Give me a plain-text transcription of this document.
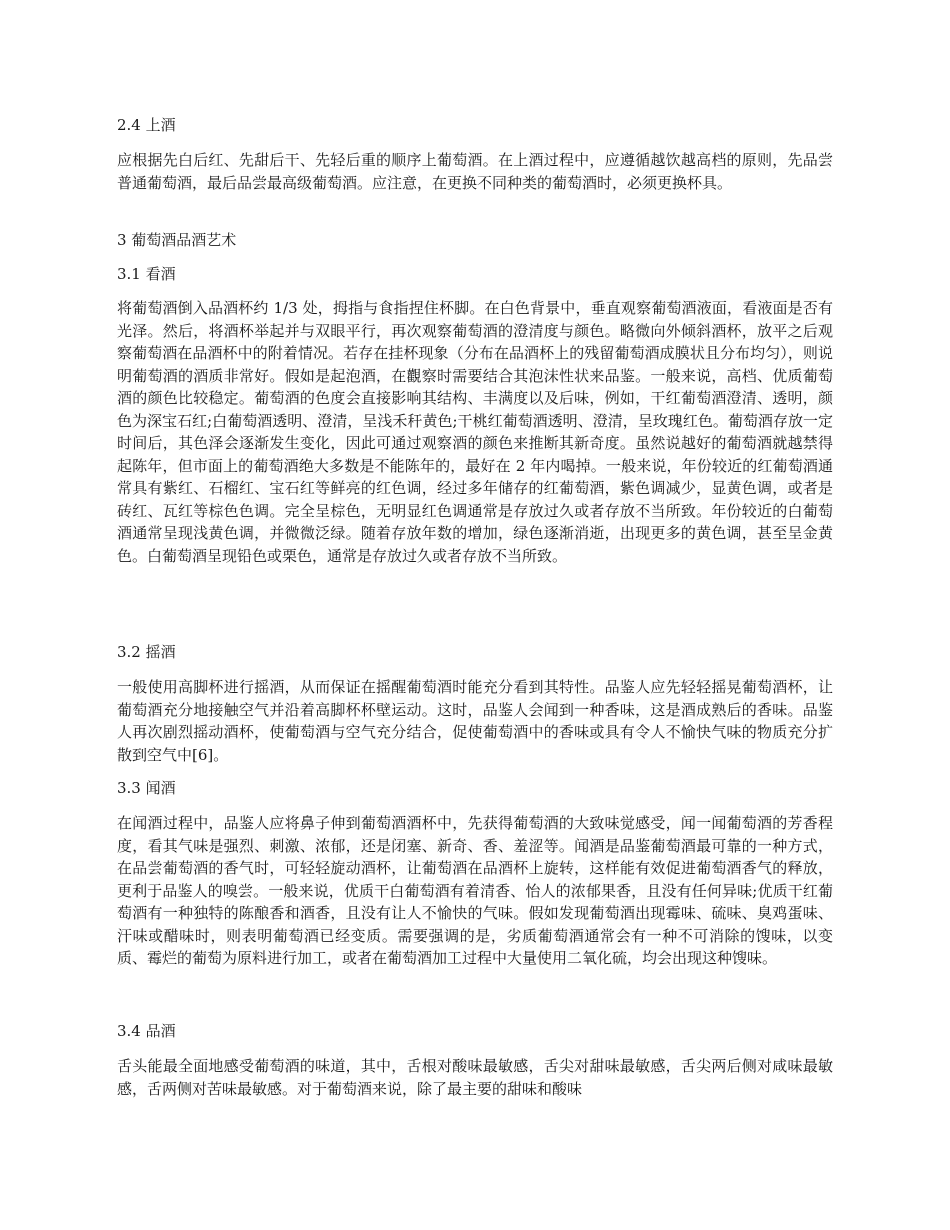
2.4 上酒
应根据先白后红、先甜后干、先轻后重的顺序上葡萄酒。在上酒过程中，应遵循越饮越高档的原则，先品尝普通葡萄酒，最后品尝最高级葡萄酒。应注意，在更换不同种类的葡萄酒时，必须更换杯具。
3 葡萄酒品酒艺术
3.1 看酒
将葡萄酒倒入品酒杯约 1/3 处，拇指与食指捏住杯脚。在白色背景中，垂直观察葡萄酒液面，看液面是否有光泽。然后，将酒杯举起并与双眼平行，再次观察葡萄酒的澄清度与颜色。略微向外倾斜酒杯，放平之后观察葡萄酒在品酒杯中的附着情况。若存在挂杯现象（分布在品酒杯上的残留葡萄酒成膜状且分布均匀），则说明葡萄酒的酒质非常好。假如是起泡酒，在觀察时需要结合其泡沫性状来品鉴。一般来说，高档、优质葡萄酒的颜色比较稳定。葡萄酒的色度会直接影响其结构、丰满度以及后味，例如，干红葡萄酒澄清、透明，颜色为深宝石红;白葡萄酒透明、澄清，呈浅禾秆黄色;干桃红葡萄酒透明、澄清，呈玫瑰红色。葡萄酒存放一定时间后，其色泽会逐渐发生变化，因此可通过观察酒的颜色来推断其新奇度。虽然说越好的葡萄酒就越禁得起陈年，但市面上的葡萄酒绝大多数是不能陈年的，最好在 2 年内喝掉。一般来说，年份较近的红葡萄酒通常具有紫红、石榴红、宝石红等鲜亮的红色调，经过多年储存的红葡萄酒，紫色调减少，显黄色调，或者是砖红、瓦红等棕色色调。完全呈棕色，无明显红色调通常是存放过久或者存放不当所致。年份较近的白葡萄酒通常呈现浅黄色调，并微微泛绿。随着存放年数的增加，绿色逐渐消逝，出现更多的黄色调，甚至呈金黄色。白葡萄酒呈现铅色或栗色，通常是存放过久或者存放不当所致。
3.2 摇酒
一般使用高脚杯进行摇酒，从而保证在摇醒葡萄酒时能充分看到其特性。品鉴人应先轻轻摇晃葡萄酒杯，让葡萄酒充分地接触空气并沿着高脚杯杯壁运动。这时，品鉴人会闻到一种香味，这是酒成熟后的香味。品鉴人再次剧烈摇动酒杯，使葡萄酒与空气充分结合，促使葡萄酒中的香味或具有令人不愉快气味的物质充分扩散到空气中[6]。
3.3 闻酒
在闻酒过程中，品鉴人应将鼻子伸到葡萄酒酒杯中，先获得葡萄酒的大致味觉感受，闻一闻葡萄酒的芳香程度，看其气味是强烈、刺激、浓郁，还是闭塞、新奇、香、羞涩等。闻酒是品鉴葡萄酒最可靠的一种方式，在品尝葡萄酒的香气时，可轻轻旋动酒杯，让葡萄酒在品酒杯上旋转，这样能有效促进葡萄酒香气的释放，更利于品鉴人的嗅尝。一般来说，优质干白葡萄酒有着清香、怡人的浓郁果香，且没有任何异味;优质干红葡萄酒有一种独特的陈酿香和酒香，且没有让人不愉快的气味。假如发现葡萄酒出现霉味、硫味、臭鸡蛋味、汗味或醋味时，则表明葡萄酒已经变质。需要强调的是，劣质葡萄酒通常会有一种不可消除的馊味，以变质、霉烂的葡萄为原料进行加工，或者在葡萄酒加工过程中大量使用二氧化硫，均会出现这种馊味。
3.4 品酒
舌头能最全面地感受葡萄酒的味道，其中，舌根对酸味最敏感，舌尖对甜味最敏感，舌尖两后侧对咸味最敏感，舌两侧对苦味最敏感。对于葡萄酒来说，除了最主要的甜味和酸味
